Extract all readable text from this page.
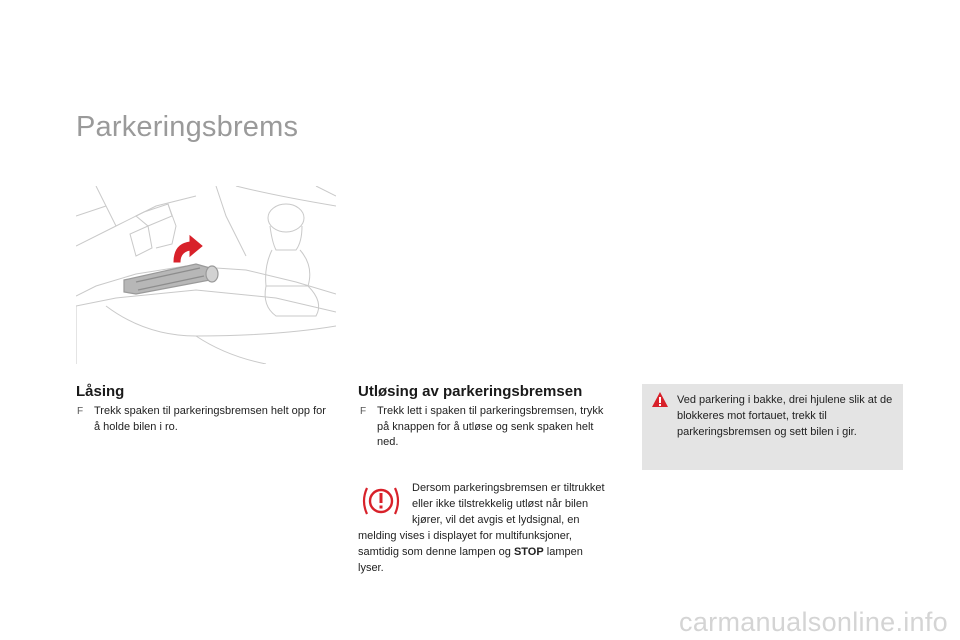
Parkeringsbrems
Låsing
F Trekk spaken til parkeringsbremsen helt opp for å holde bilen i ro.
Utløsing av parkeringsbremsen
F Trekk lett i spaken til parkeringsbremsen, trykk på knappen for å utløse og senk spaken helt ned.
Dersom parkeringsbremsen er tiltrukket eller ikke tilstrekkelig utløst når bilen kjører, vil det avgis et lydsignal, en melding vises i displayet for multifunksjoner, samtidig som denne lampen og STOP lampen lyser.
Ved parkering i bakke, drei hjulene slik at de blokkeres mot fortauet, trekk til parkeringsbremsen og sett bilen i gir.
carmanualsonline.info
